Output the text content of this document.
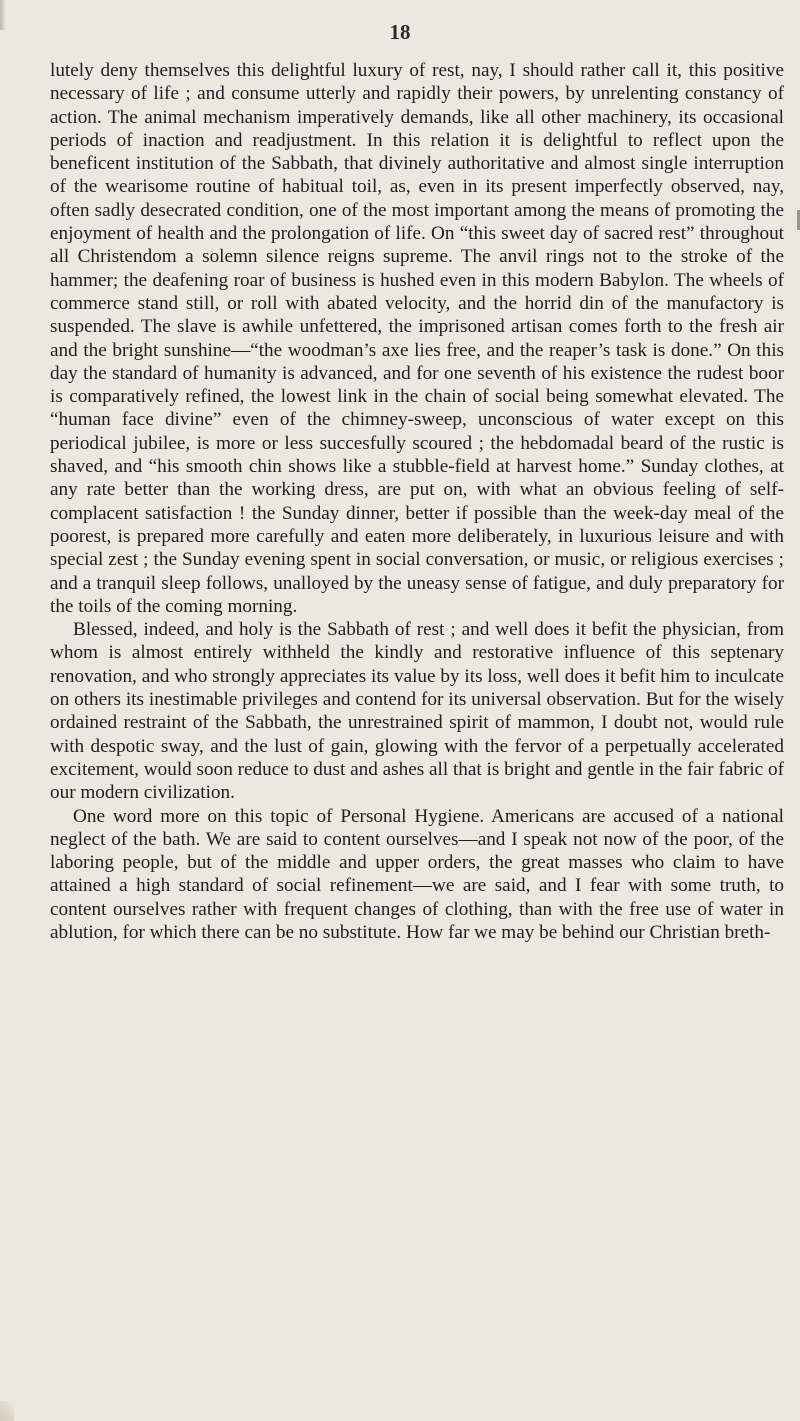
18

lutely deny themselves this delightful luxury of rest, nay, I should rather call it, this positive necessary of life ; and consume utterly and rapidly their powers, by unrelenting constancy of action. The animal mechanism imperatively demands, like all other machinery, its occasional periods of inaction and readjustment. In this relation it is delightful to reflect upon the beneficent institution of the Sabbath, that divinely authoritative and almost single interruption of the wearisome routine of habitual toil, as, even in its present imperfectly observed, nay, often sadly desecrated condition, one of the most important among the means of promoting the enjoyment of health and the prolongation of life. On “this sweet day of sacred rest” throughout all Christendom a solemn silence reigns supreme. The anvil rings not to the stroke of the hammer; the deafening roar of business is hushed even in this modern Babylon. The wheels of commerce stand still, or roll with abated velocity, and the horrid din of the manufactory is suspended. The slave is awhile unfettered, the imprisoned artisan comes forth to the fresh air and the bright sunshine—“the woodman’s axe lies free, and the reaper’s task is done.” On this day the standard of humanity is advanced, and for one seventh of his existence the rudest boor is comparatively refined, the lowest link in the chain of social being somewhat elevated. The “human face divine” even of the chimney-sweep, unconscious of water except on this periodical jubilee, is more or less succesfully scoured ; the hebdomadal beard of the rustic is shaved, and “his smooth chin shows like a stubble-field at harvest home.” Sunday clothes, at any rate better than the working dress, are put on, with what an obvious feeling of self-complacent satisfaction ! the Sunday dinner, better if possible than the week-day meal of the poorest, is prepared more carefully and eaten more deliberately, in luxurious leisure and with special zest ; the Sunday evening spent in social conversation, or music, or religious exercises ; and a tranquil sleep follows, unalloyed by the uneasy sense of fatigue, and duly preparatory for the toils of the coming morning.

Blessed, indeed, and holy is the Sabbath of rest ; and well does it befit the physician, from whom is almost entirely withheld the kindly and restorative influence of this septenary renovation, and who strongly appreciates its value by its loss, well does it befit him to inculcate on others its inestimable privileges and contend for its universal observation. But for the wisely ordained restraint of the Sabbath, the unrestrained spirit of mammon, I doubt not, would rule with despotic sway, and the lust of gain, glowing with the fervor of a perpetually accelerated excitement, would soon reduce to dust and ashes all that is bright and gentle in the fair fabric of our modern civilization.

One word more on this topic of Personal Hygiene. Americans are accused of a national neglect of the bath. We are said to content ourselves—and I speak not now of the poor, of the laboring people, but of the middle and upper orders, the great masses who claim to have attained a high standard of social refinement—we are said, and I fear with some truth, to content ourselves rather with frequent changes of clothing, than with the free use of water in ablution, for which there can be no substitute. How far we may be behind our Christian breth-
